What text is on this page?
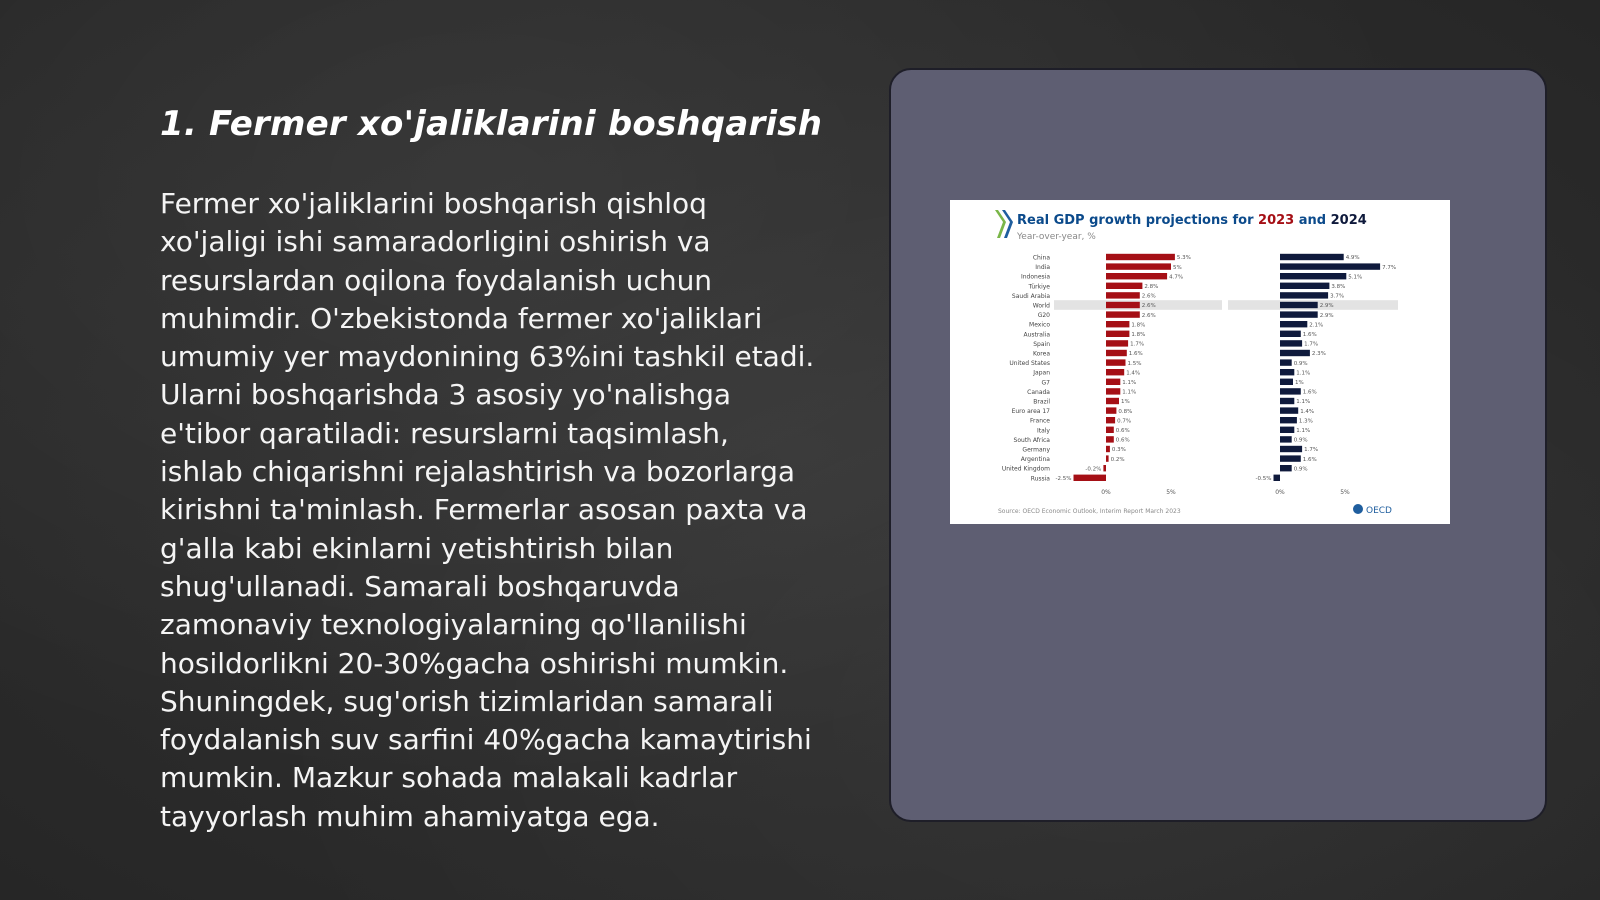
1. Fermer xo'jaliklarini boshqarish

Fermer xo'jaliklarini boshqarish qishloq xo'jaligi ishi samaradorligini oshirish va resurslardan oqilona foydalanish uchun muhimdir. O'zbekistonda fermer xo'jaliklari umumiy yer maydonining 63%ini tashkil etadi. Ularni boshqarishda 3 asosiy yo'nalishga e'tibor qaratiladi: resurslarni taqsimlash, ishlab chiqarishni rejalashtirish va bozorlarga kirishni ta'minlash. Fermerlar asosan paxta va g'alla kabi ekinlarni yetishtirish bilan shug'ullanadi. Samarali boshqaruvda zamonaviy texnologiyalarning qo'llanilishi hosildorlikni 20-30%gacha oshirishi mumkin. Shuningdek, sug'orish tizimlaridan samarali foydalanish suv sarfini 40%gacha kamaytirishi mumkin. Mazkur sohada malakali kadrlar tayyorlash muhim ahamiyatga ega.

Real GDP growth projections for 2023 and 2024
Year-over-year, %
China
India
Indonesia
Türkiye
Saudi Arabia
World
G20
Mexico
Australia
Spain
Korea
United States
Japan
G7
Canada
Brazil
Euro area 17
France
Italy
South Africa
Germany
Argentina
United Kingdom
Russia
5.3%
5%
4.7%
2.8%
2.6%
2.6%
2.6%
1.8%
1.8%
1.7%
1.6%
1.5%
1.4%
1.1%
1.1%
1%
0.8%
0.7%
0.6%
0.6%
0.3%
0.2%
-0.2%
-2.5%
0%	5%
4.9%
7.7%
5.1%
3.8%
3.7%
2.9%
2.9%
2.1%
1.6%
1.7%
2.3%
0.9%
1.1%
1%
1.6%
1.1%
1.4%
1.3%
1.1%
0.9%
1.7%
1.6%
0.9%
-0.5%
0%	5%
Source: OECD Economic Outlook, Interim Report March 2023	OECD
